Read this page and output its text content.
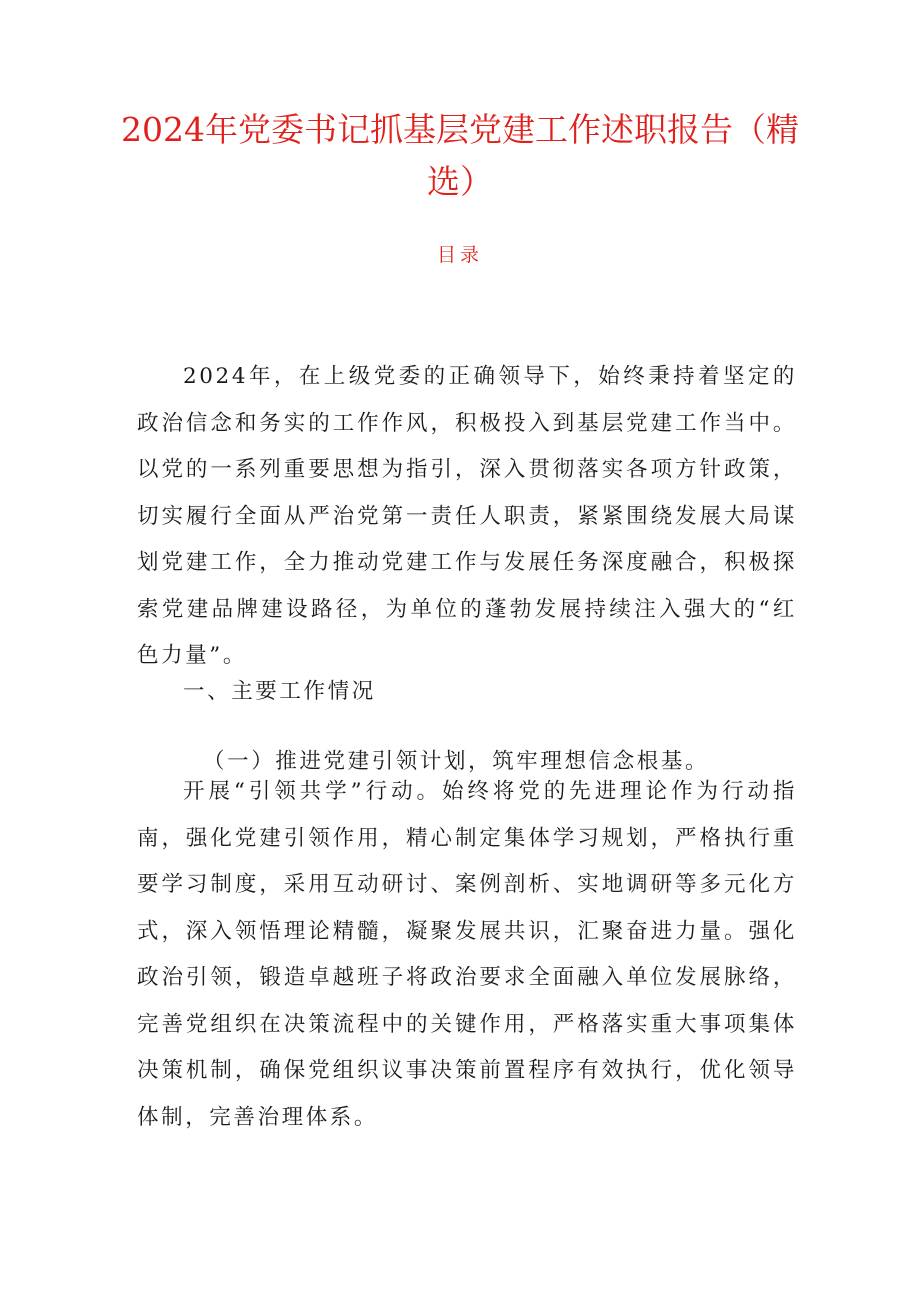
2024年党委书记抓基层党建工作述职报告（精选）
目录

2024年，在上级党委的正确领导下，始终秉持着坚定的政治信念和务实的工作作风，积极投入到基层党建工作当中。以党的一系列重要思想为指引，深入贯彻落实各项方针政策，切实履行全面从严治党第一责任人职责，紧紧围绕发展大局谋划党建工作，全力推动党建工作与发展任务深度融合，积极探索党建品牌建设路径，为单位的蓬勃发展持续注入强大的“红色力量”。

一、主要工作情况

（一）推进党建引领计划，筑牢理想信念根基。

开展“引领共学”行动。始终将党的先进理论作为行动指南，强化党建引领作用，精心制定集体学习规划，严格执行重要学习制度，采用互动研讨、案例剖析、实地调研等多元化方式，深入领悟理论精髓，凝聚发展共识，汇聚奋进力量。强化政治引领，锻造卓越班子将政治要求全面融入单位发展脉络，完善党组织在决策流程中的关键作用，严格落实重大事项集体决策机制，确保党组织议事决策前置程序有效执行，优化领导体制，完善治理体系。
